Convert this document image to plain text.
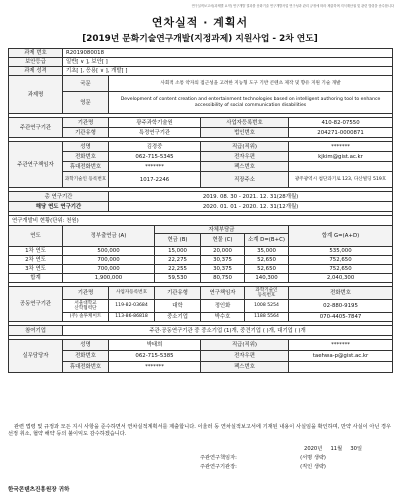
연구실적보고서(과제별 요약) 연구개발 결과를 문화기술 연구개발사업 연구성과 관리 규정에 따라 제출하며 지식재산권 및 관련 법령을 준수합니다
연차실적 · 계획서
[2019년 문화기술연구개발(지정과제) 지원사업 - 2차 연도]
과제 번호	R2019080018					
보안등급	일반[ ∨ ], 보안[ ]					
과제 성격	기초[ ], 응용[ ∨ ], 개발[ ]					
과제명	국문	사회적 소통 약자의 접근성을 고려한 지능형 도구 기반 콘텐츠 제작 및 향유 지원 기술 개발				
	영문	Development of content creation and entertainment technologies based on intelligent authoring tool to enhance accessibility of social communication disabilities				

주관연구기관	기관명	광주과학기술원		사업자등록번호		410-82-07550
	기관유형	특정연구기관		법인번호		204271-0000871

주관연구책임자	성명	김경중		직급(직위)		*******
	전화번호	062-715-5345		전자우편		kjkim@gist.ac.kr
	휴대전화번호	*******		팩스번호		
	과학기술인 등록번호	1017-2246		직장주소		광주광역시 첨단과기로 123, 다산빌딩 519호

총 연구기간		2019. 08. 30 - 2021. 12. 31(28개월)				
해당 연도 연구기간		2020. 01. 01 - 2020. 12. 31(12개월)				

연구개발비 현황(단위: 천원)						
연도	정부출연금 (A)		자체부담금			합계 G=(A+D)
			현금 (B)	현물 (C)	소계 D=(B+C)	
1차 연도	500,000		15,000	20,000	35,000	535,000
2차 연도	700,000		22,275	30,375	52,650	752,650
3차 연도	700,000		22,255	30,375	52,650	752,650
합계	1,900,000		59,530	80,750	140,300	2,040,300

공동연구기관	기관명	사업자등록번호	기관유형	연구책임자	과학기술인 등록번호	전화번호
	서울대학교 산학협력단	119-82-03684	대학	정인화	1008 5254	02-880-9195
	(주) 솔투케이트	113-86-86818	중소기업	박수호	1188 5564	070-4405-7847

참여기업	주관·공동연구기관 중 중소기업 (1)개, 중견기업 ( )개, 대기업 ( )개					

실무담당자	성명	박태희		직급(직위)		*******
	전화번호	062-715-5385		전자우편		taehwa-p@gist.ac.kr
	휴대전화번호	*******		팩스번호		
관련 법령 및 규정과 모든 지시 사항을 준수하면서 연차실적계획서를 제출합니다. 이울러 동 연차실적보고서에 기재된 내용이 사실임을 확인하며, 만약 사실이 아닌 경우 선정 취소, 협약 해약 등의 불이익도 감수하겠습니다.
2020년 11월 30일
주관연구책임자:	(서명 생략)
주관연구기관장:	(직인 생략)
한국콘텐츠진흥원장 귀하
